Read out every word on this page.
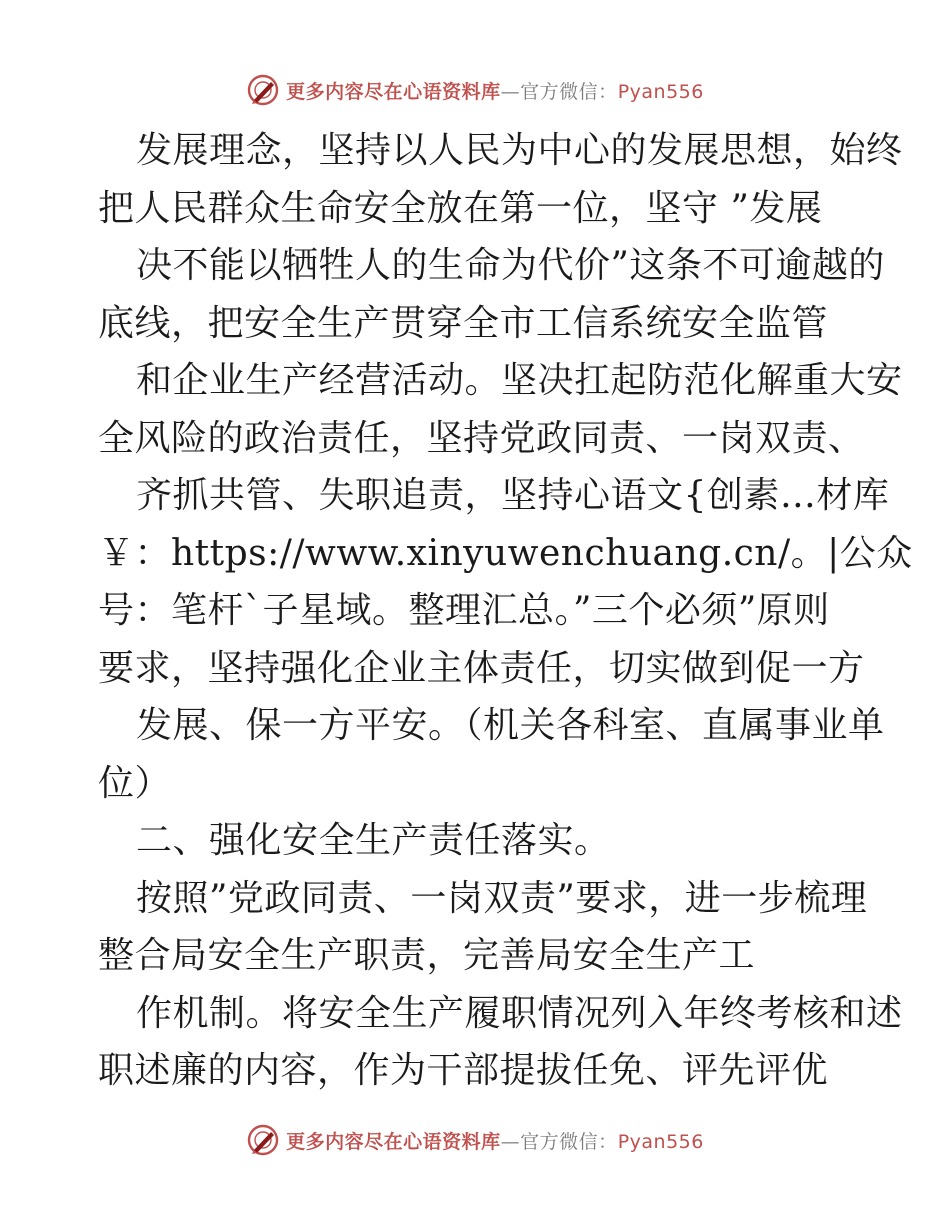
更多内容尽在心语资料库—官方微信：Pyan556
发展理念，坚持以人民为中心的发展思想，始终
把人民群众生命安全放在第一位，坚守 ”发展
决不能以牺牲人的生命为代价”这条不可逾越的
底线，把安全生产贯穿全市工信系统安全监管
和企业生产经营活动。坚决扛起防范化解重大安
全风险的政治责任，坚持党政同责、一岗双责、
齐抓共管、失职追责，坚持心语文{创素…材库
￥：https://www.xinyuwenchuang.cn/。|公众
号：笔杆`子星域。整理汇总。”三个必须”原则
要求，坚持强化企业主体责任，切实做到促一方
发展、保一方平安。（机关各科室、直属事业单
位）
二、强化安全生产责任落实。
按照”党政同责、一岗双责”要求，进一步梳理
整合局安全生产职责，完善局安全生产工
作机制。将安全生产履职情况列入年终考核和述
职述廉的内容，作为干部提拔任免、评先评优
更多内容尽在心语资料库—官方微信：Pyan556
